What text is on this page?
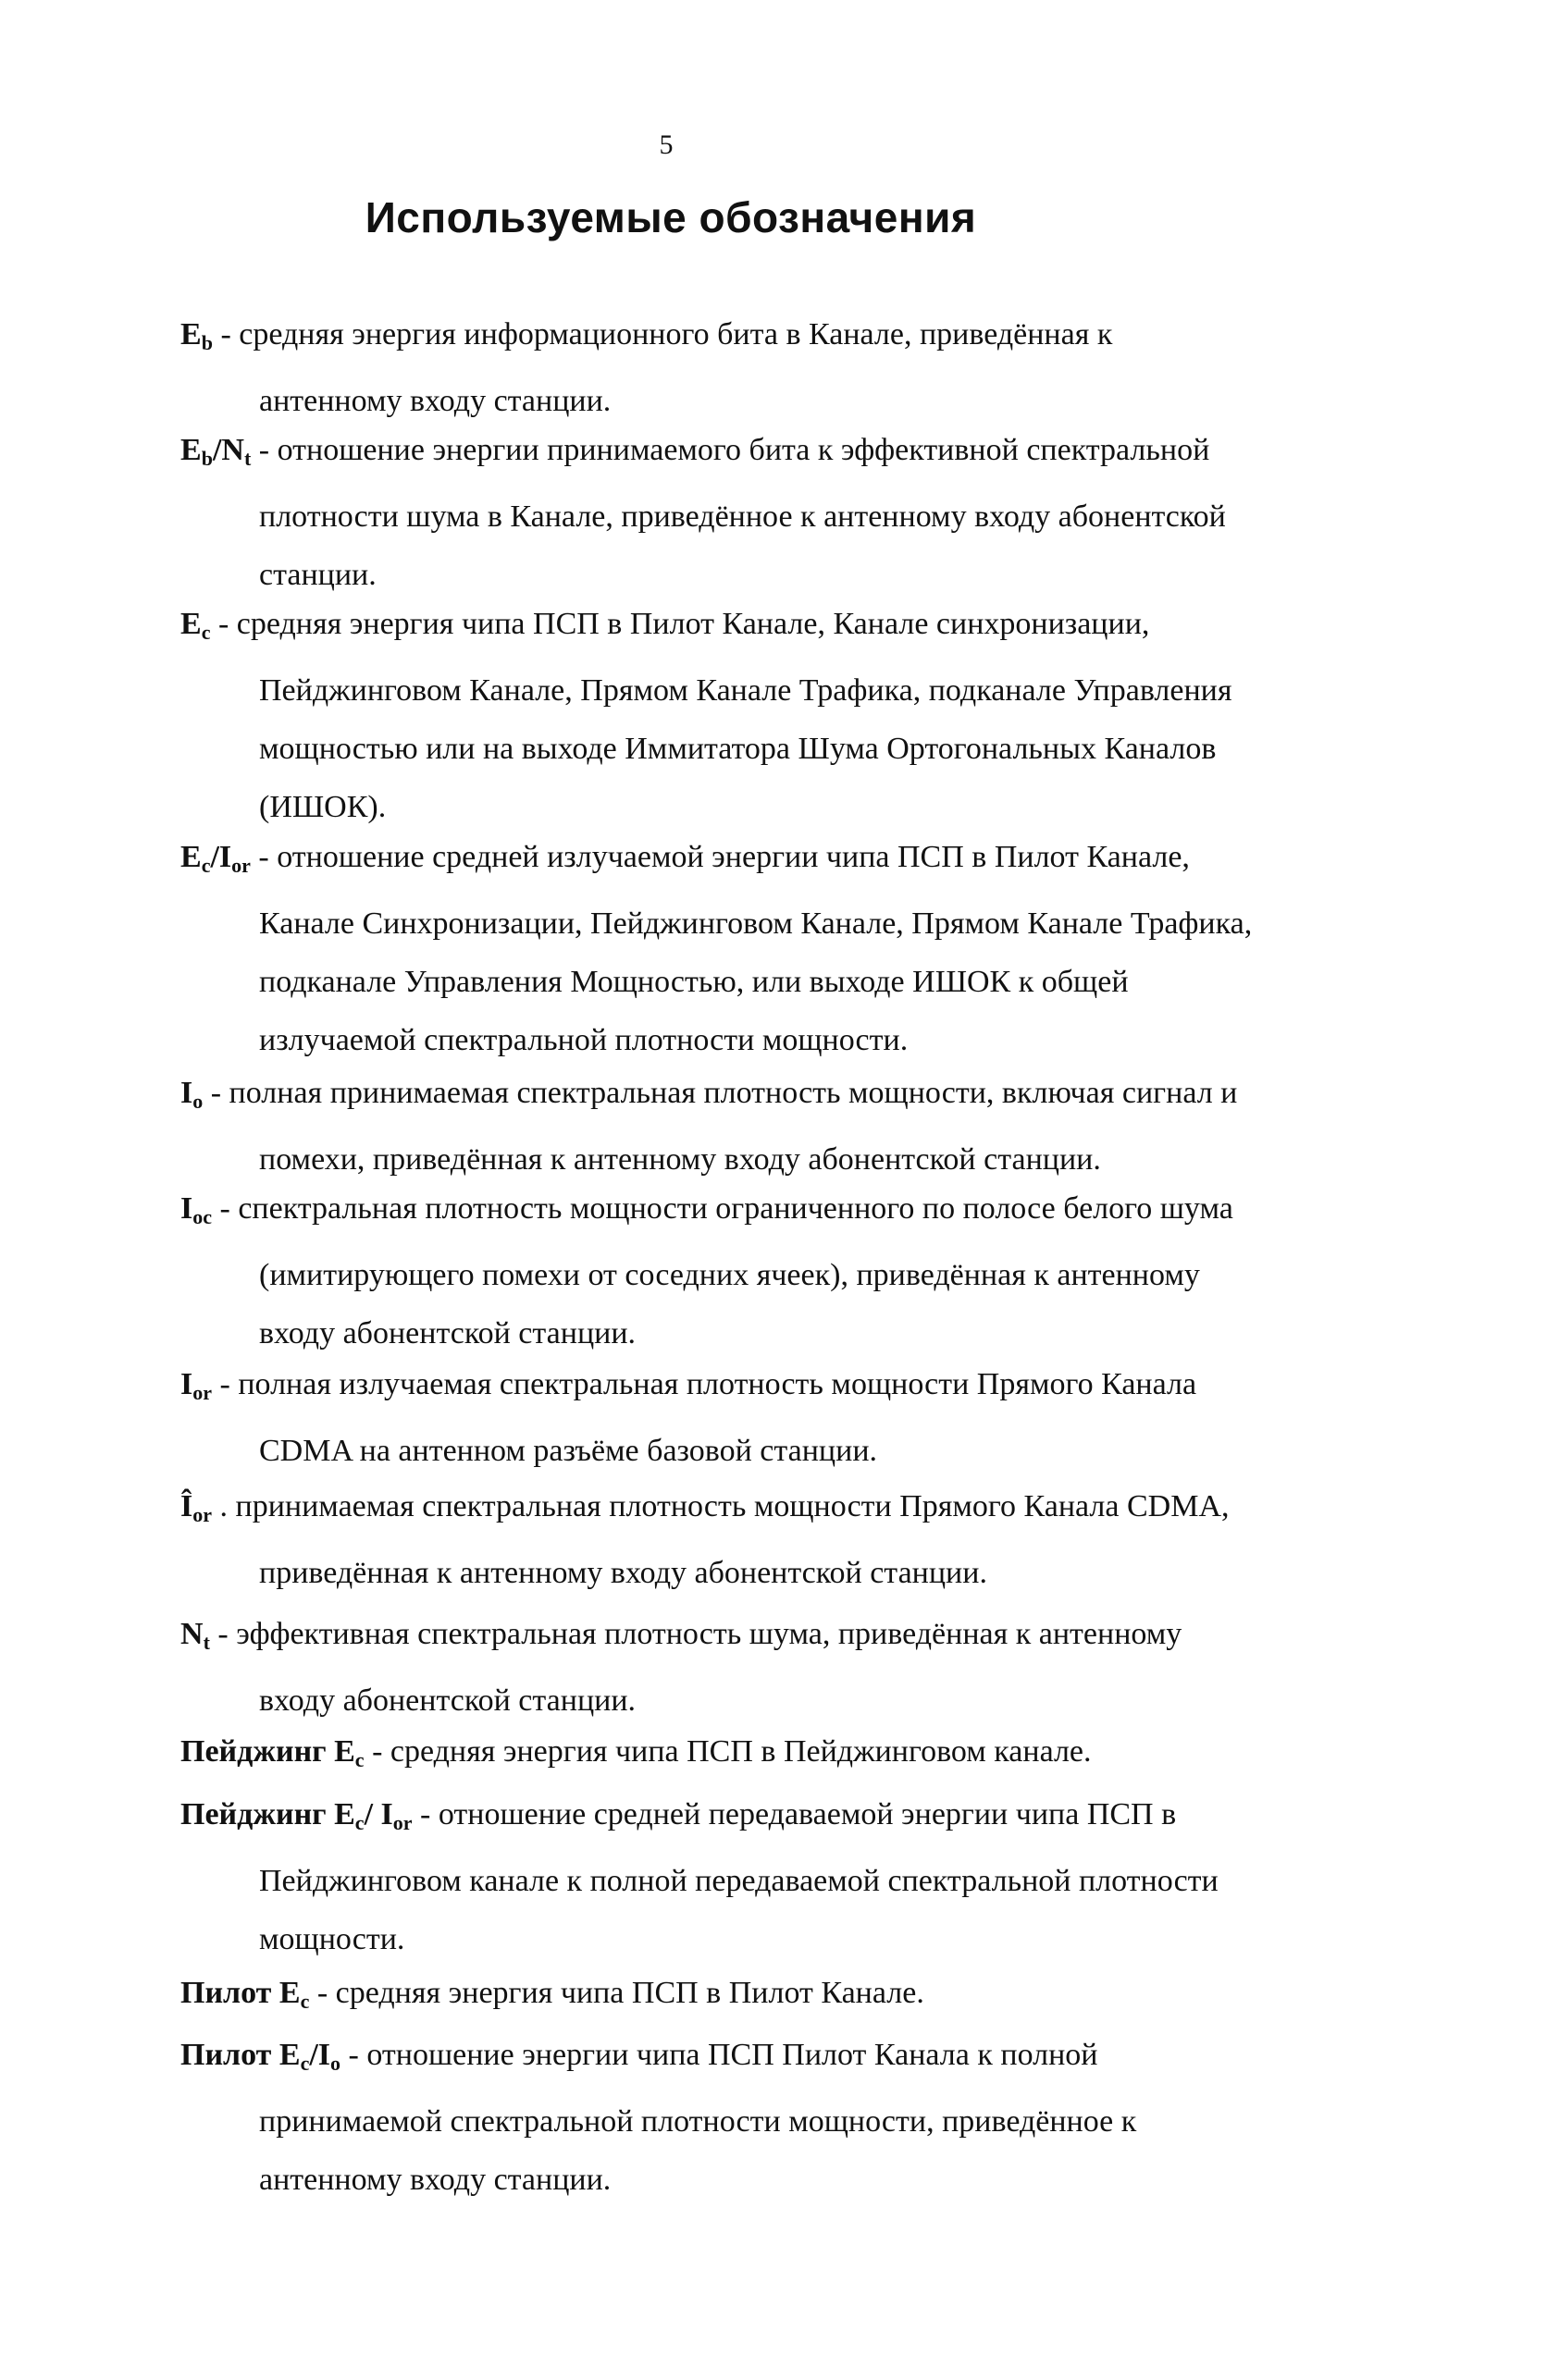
5
Используемые обозначения
$E_b$ - средняя энергия информационного бита в Канале, приведённая к
антенному входу станции.
$E_b/N_t$ - отношение энергии принимаемого бита к эффективной спектральной
плотности шума в Канале, приведённое к антенному входу абонентской
станции.
$E_c$ - средняя энергия чипа ПСП в Пилот Канале, Канале синхронизации,
Пейджинговом Канале, Прямом Канале Трафика, подканале Управления
мощностью или на выходе Иммитатора Шума Ортогональных Каналов
(ИШОК).
$E_c/I_{or}$ - отношение средней излучаемой энергии чипа ПСП в Пилот Канале,
Канале Синхронизации, Пейджинговом Канале, Прямом Канале Трафика,
подканале Управления Мощностью, или выходе ИШОК к общей
излучаемой спектральной плотности мощности.
$I_o$ - полная принимаемая спектральная плотность мощности, включая сигнал и
помехи, приведённая к антенному входу абонентской станции.
$I_{oc}$ - спектральная плотность мощности ограниченного по полосе белого шума
(имитирующего помехи от соседних ячеек), приведённая к антенному
входу абонентской станции.
$I_{or}$ - полная излучаемая спектральная плотность мощности Прямого Канала
CDMA на антенном разъёме базовой станции.
$Î_{or}$ . принимаемая спектральная плотность мощности Прямого Канала CDMA,
приведённая к антенному входу абонентской станции.
$N_t$ - эффективная спектральная плотность шума, приведённая к антенному
входу абонентской станции.
Пейджинг $E_c$ - средняя энергия чипа ПСП в Пейджинговом канале.
Пейджинг $E_c/$ $I_{or}$ - отношение средней передаваемой энергии чипа ПСП в
Пейджинговом канале к полной передаваемой спектральной плотности
мощности.
Пилот $E_c$ - средняя энергия чипа ПСП в Пилот Канале.
Пилот $E_c/I_o$ - отношение энергии чипа ПСП Пилот Канала к полной
принимаемой спектральной плотности мощности, приведённое к
антенному входу станции.
